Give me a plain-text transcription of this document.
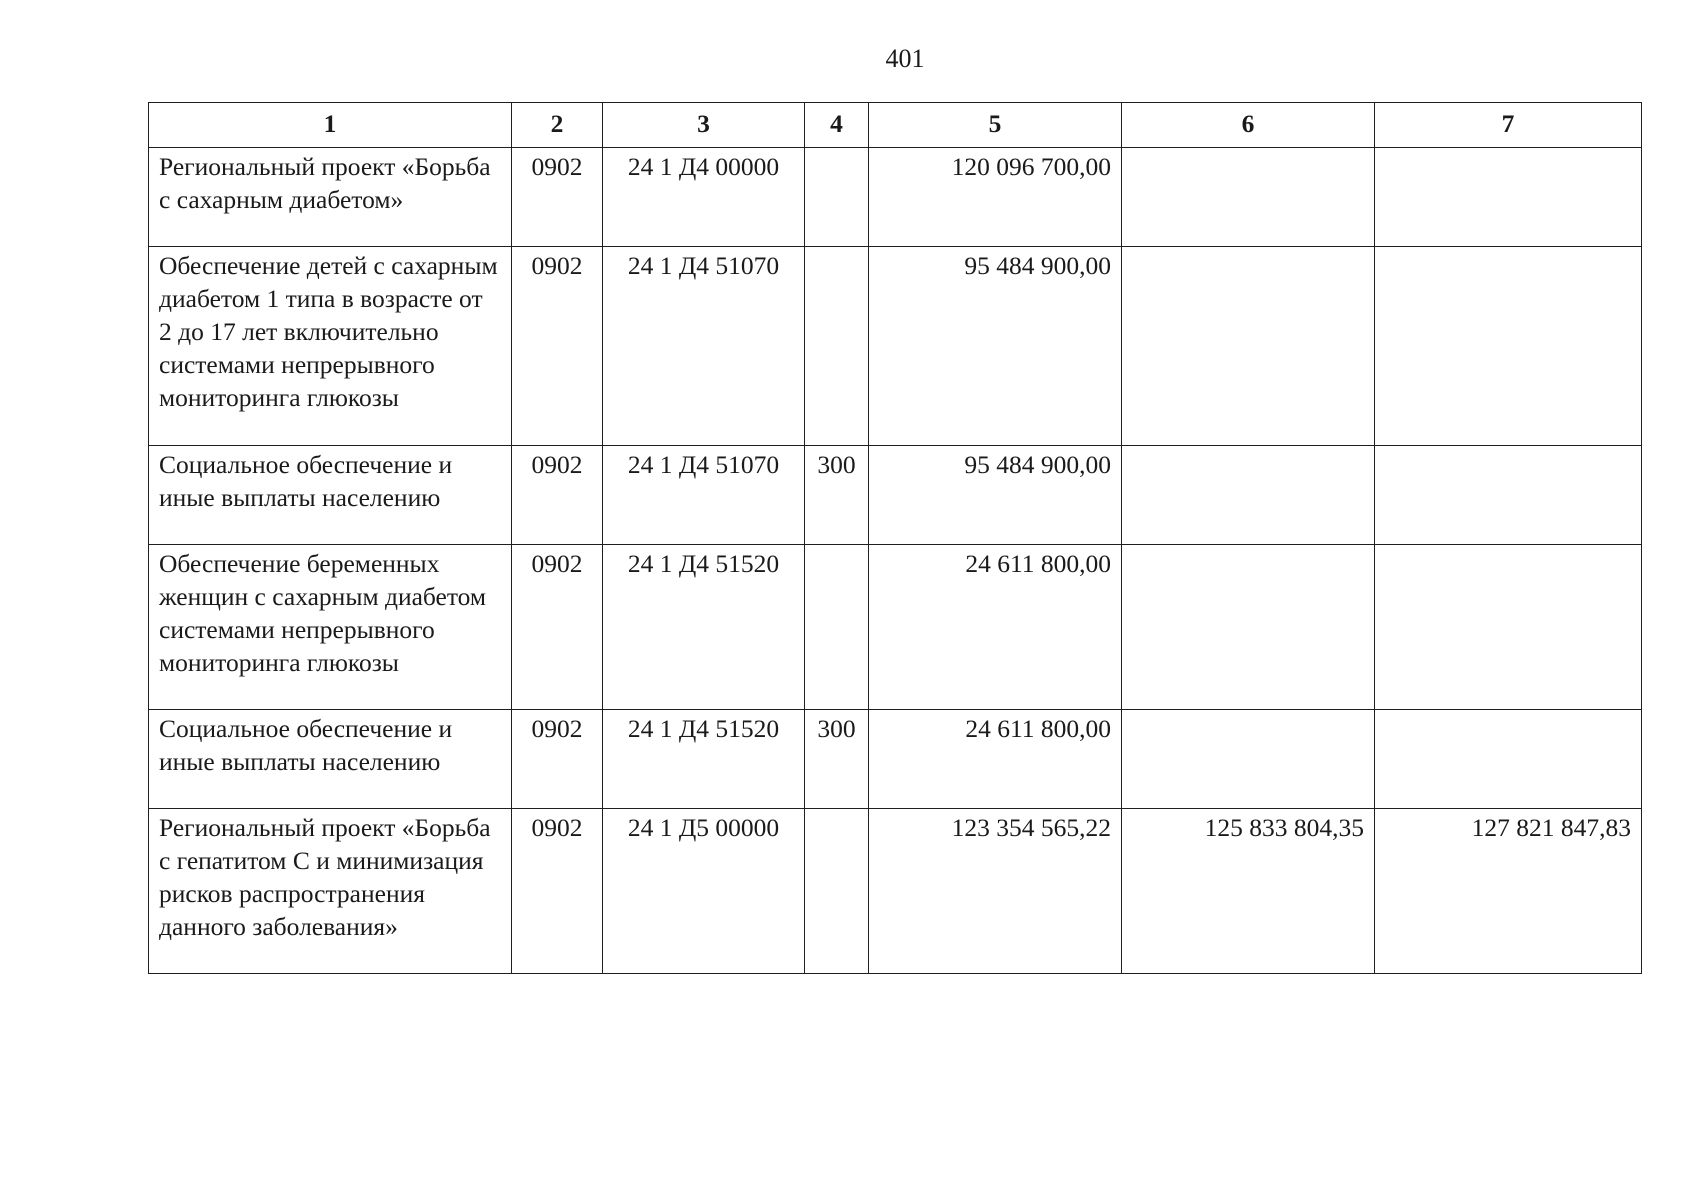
401
1	2	3	4	5	6	7
Региональный проект «Борьба с сахарным диабетом»	0902	24 1 Д4 00000		120 096 700,00		
Обеспечение детей с сахарным диабетом 1 типа в возрасте от 2 до 17 лет включительно системами непрерывного мониторинга глюкозы	0902	24 1 Д4 51070		95 484 900,00		
Социальное обеспечение и иные выплаты населению	0902	24 1 Д4 51070	300	95 484 900,00		
Обеспечение беременных женщин с сахарным диабетом системами непрерывного мониторинга глюкозы	0902	24 1 Д4 51520		24 611 800,00		
Социальное обеспечение и иные выплаты населению	0902	24 1 Д4 51520	300	24 611 800,00		
Региональный проект «Борьба с гепатитом С и минимизация рисков распространения данного заболевания»	0902	24 1 Д5 00000		123 354 565,22	125 833 804,35	127 821 847,83
